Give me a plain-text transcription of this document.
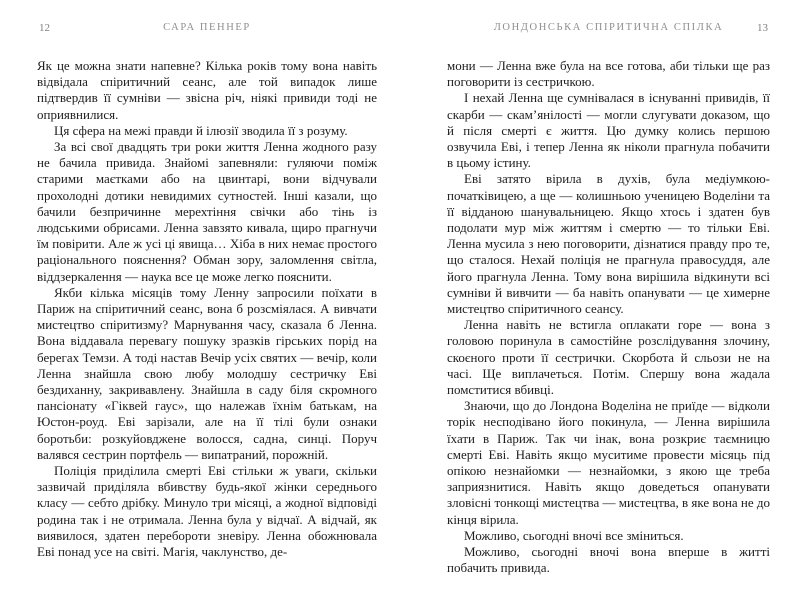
12	САРА ПЕННЕР

Як це можна знати напевне? Кілька років тому вона навіть відвідала спіритичний сеанс, але той випадок лише підтвердив її сумніви — звісна річ, ніякі привиди тоді не оприявнилися.

Ця сфера на межі правди й ілюзії зводила її з розуму.

За всі свої двадцять три роки життя Ленна жодного разу не бачила привида. Знайомі запевняли: гуляючи поміж старими маєтками або на цвинтарі, вони відчували прохолодні дотики невидимих сутностей. Інші казали, що бачили безпричинне мерехтіння свічки або тінь із людськими обрисами. Ленна завзято кивала, щиро прагнучи їм повірити. Але ж усі ці явища… Хіба в них немає простого раціонального пояснення? Обман зору, заломлення світла, віддзеркалення — наука все це може легко пояснити.

Якби кілька місяців тому Ленну запросили поїхати в Париж на спіритичний сеанс, вона б розсміялася. А вивчати мистецтво спіритизму? Марнування часу, сказала б Ленна. Вона віддавала перевагу пошуку зразків гірських порід на берегах Темзи. А тоді настав Вечір усіх святих — вечір, коли Ленна знайшла свою любу молодшу сестричку Еві бездиханну, закривавлену. Знайшла в саду біля скромного пансіонату «Гіквей гаус», що належав їхнім батькам, на Юстон-роуд. Еві зарізали, але на її тілі були ознаки боротьби: розкуйовджене волосся, садна, синці. Поруч валявся сестрин портфель — випатраний, порожній.

Поліція приділила смерті Еві стільки ж уваги, скільки зазвичай приділяла вбивству будь-якої жінки середнього класу — себто дрібку. Минуло три місяці, а жодної відповіді родина так і не отримала. Ленна була у відчаї. А відчай, як виявилося, здатен перебороти зневіру. Ленна обожнювала Еві понад усе на світі. Магія, чаклунство, де-

ЛОНДОНСЬКА СПІРИТИЧНА СПІЛКА	13

мони — Ленна вже була на все готова, аби тільки ще раз поговорити із сестричкою.

І нехай Ленна ще сумнівалася в існуванні привидів, її скарби — скам’янілості — могли слугувати доказом, що й після смерті є життя. Цю думку колись першою озвучила Еві, і тепер Ленна як ніколи прагнула побачити в цьому істину.

Еві затято вірила в духів, була медіумкою-початківицею, а ще — колишньою ученицею Воделіни та її відданою шанувальницею. Якщо хтось і здатен був подолати мур між життям і смертю — то тільки Еві. Ленна мусила з нею поговорити, дізнатися правду про те, що сталося. Нехай поліція не прагнула правосуддя, але його прагнула Ленна. Тому вона вирішила відкинути всі сумніви й вивчити — ба навіть опанувати — це химерне мистецтво спіритичного сеансу.

Ленна навіть не встигла оплакати горе — вона з головою поринула в самостійне розслідування злочину, скоєного проти її сестрички. Скорбота й сльози не на часі. Ще виплачеться. Потім. Спершу вона жадала помститися вбивці.

Знаючи, що до Лондона Воделіна не приїде — відколи торік несподівано його покинула, — Ленна вирішила їхати в Париж. Так чи інак, вона розкриє таємницю смерті Еві. Навіть якщо муситиме провести місяць під опікою незнайомки — незнайомки, з якою ще треба заприязнитися. Навіть якщо доведеться опанувати зловісні тонкощі мистецтва — мистецтва, в яке вона не до кінця вірила.

Можливо, сьогодні вночі все зміниться.

Можливо, сьогодні вночі вона вперше в житті побачить привида.
